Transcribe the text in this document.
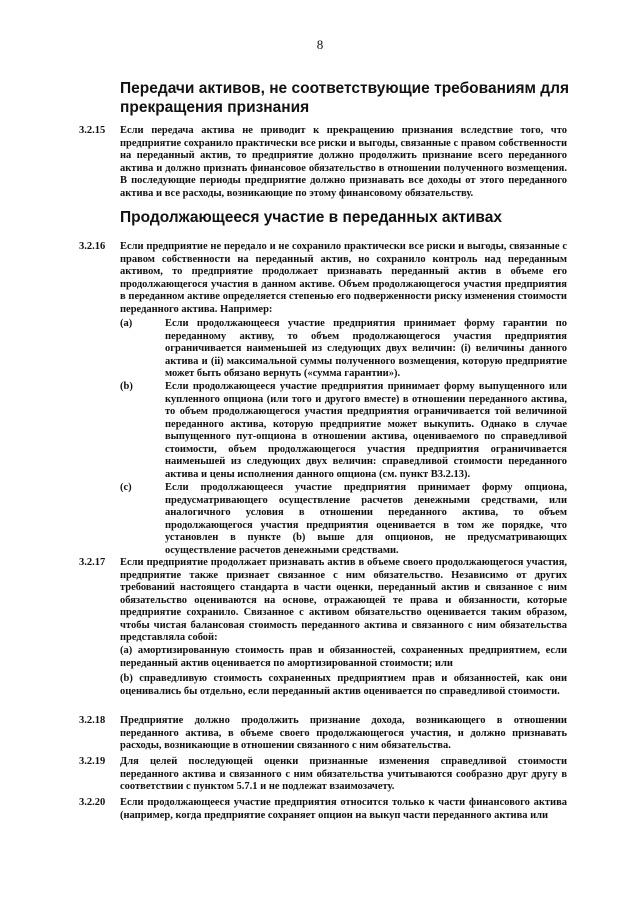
8
Передачи активов, не соответствующие требованиям для прекращения признания
3.2.15 Если передача актива не приводит к прекращению признания вследствие того, что предприятие сохранило практически все риски и выгоды, связанные с правом собственности на переданный актив, то предприятие должно продолжить признание всего переданного актива и должно признать финансовое обязательство в отношении полученного возмещения. В последующие периоды предприятие должно признавать все доходы от этого переданного актива и все расходы, возникающие по этому финансовому обязательству.
Продолжающееся участие в переданных активах
3.2.16 Если предприятие не передало и не сохранило практически все риски и выгоды, связанные с правом собственности на переданный актив, но сохранило контроль над переданным активом, то предприятие продолжает признавать переданный актив в объеме его продолжающегося участия в данном активе. Объем продолжающегося участия предприятия в переданном активе определяется степенью его подверженности риску изменения стоимости переданного актива. Например:
(a)	Если продолжающееся участие предприятия принимает форму гарантии по переданному активу, то объем продолжающегося участия предприятия ограничивается наименьшей из следующих двух величин: (i) величины данного актива и (ii) максимальной суммы полученного возмещения, которую предприятие может быть обязано вернуть («сумма гарантии»).
(b)	Если продолжающееся участие предприятия принимает форму выпущенного или купленного опциона (или того и другого вместе) в отношении переданного актива, то объем продолжающегося участия предприятия ограничивается той величиной переданного актива, которую предприятие может выкупить. Однако в случае выпущенного пут-опциона в отношении актива, оцениваемого по справедливой стоимости, объем продолжающегося участия предприятия ограничивается наименьшей из следующих двух величин: справедливой стоимости переданного актива и цены исполнения данного опциона (см. пункт B3.2.13).
(c)	Если продолжающееся участие предприятия принимает форму опциона, предусматривающего осуществление расчетов денежными средствами, или аналогичного условия в отношении переданного актива, то объем продолжающегося участия предприятия оценивается в том же порядке, что установлен в пункте (b) выше для опционов, не предусматривающих осуществление расчетов денежными средствами.
3.2.17 Если предприятие продолжает признавать актив в объеме своего продолжающегося участия, предприятие также признает связанное с ним обязательство. Независимо от других требований настоящего стандарта в части оценки, переданный актив и связанное с ним обязательство оцениваются на основе, отражающей те права и обязанности, которые предприятие сохранило. Связанное с активом обязательство оценивается таким образом, чтобы чистая балансовая стоимость переданного актива и связанного с ним обязательства представляла собой:
(а) амортизированную стоимость прав и обязанностей, сохраненных предприятием, если переданный актив оценивается по амортизированной стоимости; или
(b) справедливую стоимость сохраненных предприятием прав и обязанностей, как они оценивались бы отдельно, если переданный актив оценивается по справедливой стоимости.
3.2.18 Предприятие должно продолжить признание дохода, возникающего в отношении переданного актива, в объеме своего продолжающегося участия, и должно признавать расходы, возникающие в отношении связанного с ним обязательства.
3.2.19 Для целей последующей оценки признанные изменения справедливой стоимости переданного актива и связанного с ним обязательства учитываются сообразно друг другу в соответствии с пунктом 5.7.1 и не подлежат взаимозачету.
3.2.20 Если продолжающееся участие предприятия относится только к части финансового актива (например, когда предприятие сохраняет опцион на выкуп части переданного актива или
